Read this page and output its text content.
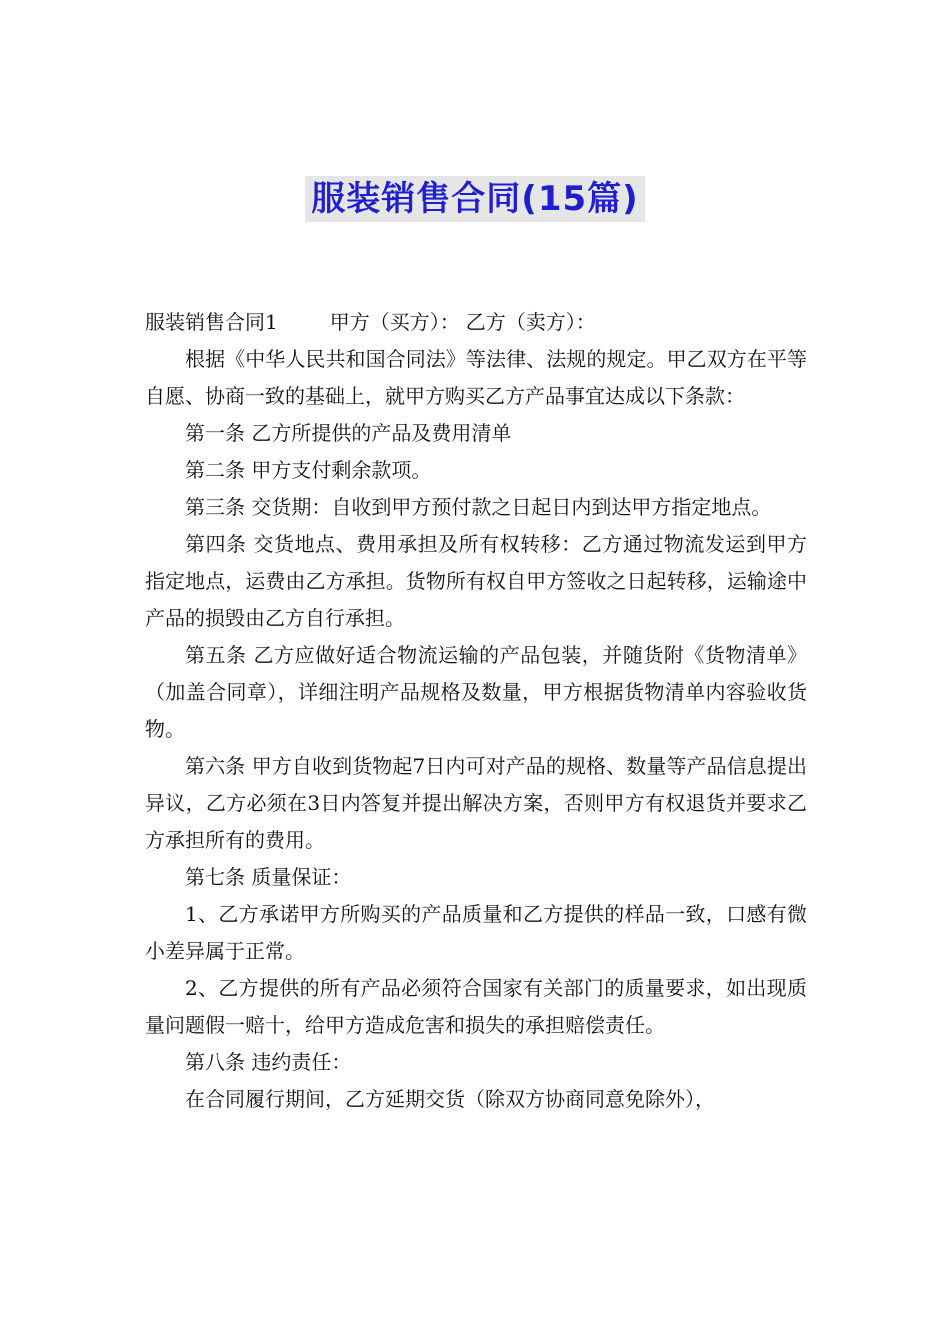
服装销售合同(15篇)

服装销售合同1	甲方（买方）： 乙方（卖方）：

根据《中华人民共和国合同法》等法律、法规的规定。甲乙双方在平等自愿、协商一致的基础上，就甲方购买乙方产品事宜达成以下条款：

第一条 乙方所提供的产品及费用清单

第二条 甲方支付剩余款项。

第三条 交货期：自收到甲方预付款之日起日内到达甲方指定地点。

第四条 交货地点、费用承担及所有权转移：乙方通过物流发运到甲方指定地点，运费由乙方承担。货物所有权自甲方签收之日起转移，运输途中产品的损毁由乙方自行承担。

第五条 乙方应做好适合物流运输的产品包装，并随货附《货物清单》（加盖合同章），详细注明产品规格及数量，甲方根据货物清单内容验收货物。

第六条 甲方自收到货物起7日内可对产品的规格、数量等产品信息提出异议，乙方必须在3日内答复并提出解决方案，否则甲方有权退货并要求乙方承担所有的费用。

第七条 质量保证：

1、乙方承诺甲方所购买的产品质量和乙方提供的样品一致，口感有微小差异属于正常。

2、乙方提供的所有产品必须符合国家有关部门的质量要求，如出现质量问题假一赔十，给甲方造成危害和损失的承担赔偿责任。

第八条 违约责任：

在合同履行期间，乙方延期交货（除双方协商同意免除外），
